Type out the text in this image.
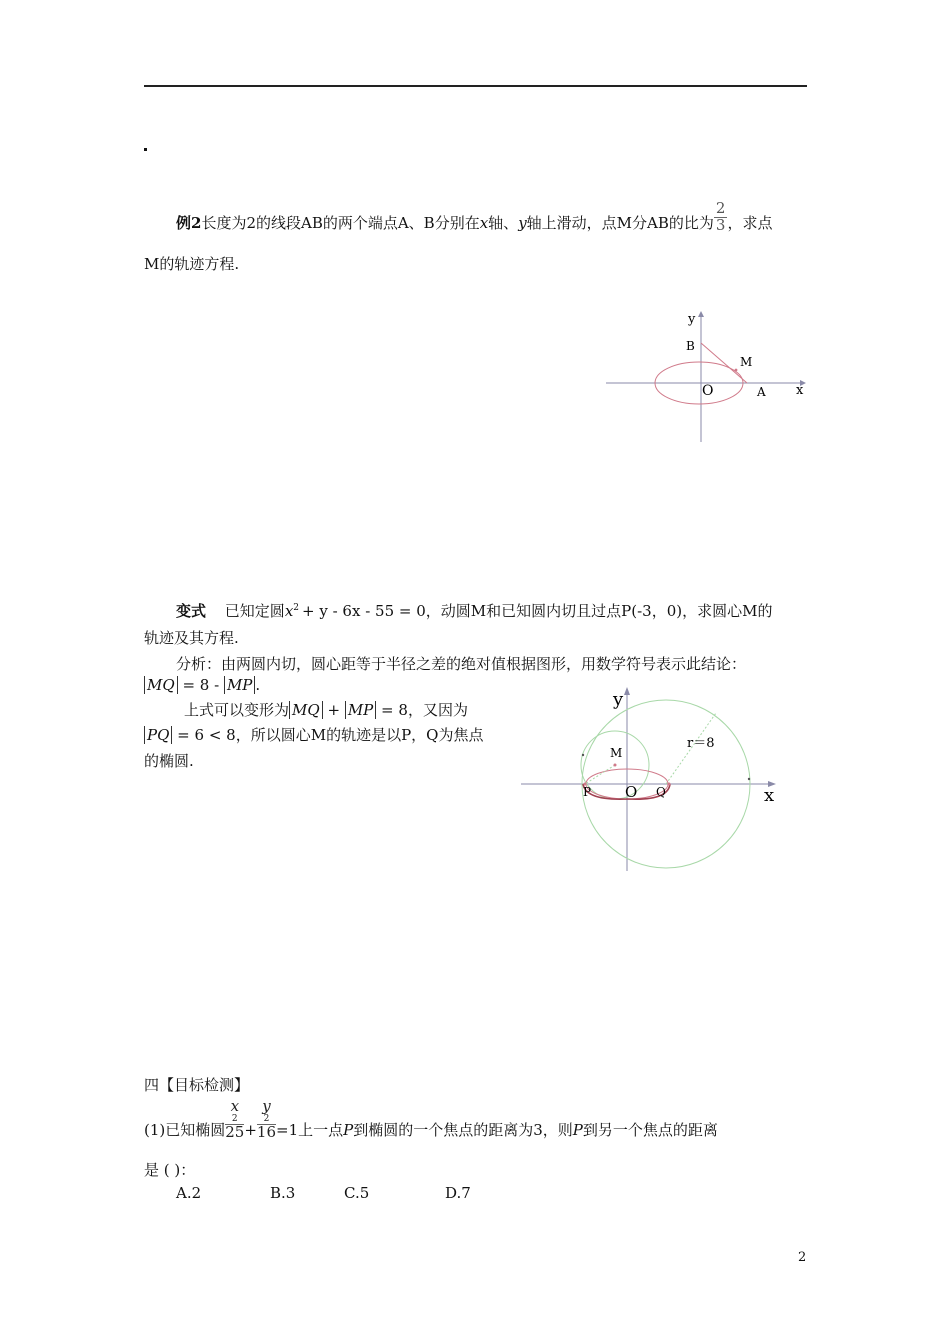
例2长度为2的线段AB的两个端点A、B分别在x轴、y轴上滑动，点M分AB的比为 $\frac{2}{3}$ ，求点
M的轨迹方程.
y
x
B
M
O	A
变式 已知定圆$x^2 + y - 6x - 55 = 0$，动圆M和已知圆内切且过点P(-3，0)，求圆心M的
轨迹及其方程.
分析：由两圆内切，圆心距等于半径之差的绝对值根据图形，用数学符号表示此结论：
MQ = 8 - MP .
上式可以变形为 MQ + MP = 8，又因为
PQ = 6 < 8，所以圆心M的轨迹是以P，Q为焦点
的椭圆.
y
x
r＝8
M
P O Q
四【目标检测】
(1)已知椭圆 x
2
25 + y
2
16 =1上一点P到椭圆的一个焦点的距离为3，则P到另一个焦点的距离
是 ( )：
A.2	B.3	C.5	D.7
2
